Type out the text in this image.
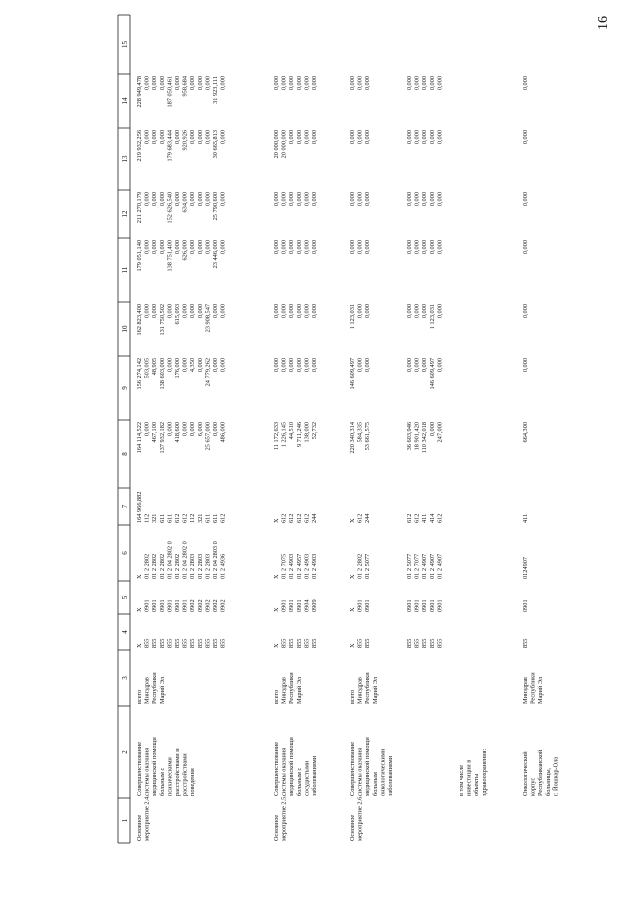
16
1
2
3
4
5
6
7
8
9
10
11
12
13
14
15
Основное мероприятие 2.4.
Совершенствование системы оказания медицинской помощи больным с психическими расстройствами и расстройствами поведения
всего Минздрав Республики Марий Эл
X
X
X
164 966,882
164 114,522
156 274,142
162 823,400
179 051,140
211 270,179
219 932,256
228 949,478
855
0901
01 2 2802
112
0,000
503,005
0,000
0,000
0,000
0,000
0,000
855
0901
01 2 2802
321
467,100
48,905
0,000
0,000
0,000
0,000
0,000
855
0901
01 2 2802
611
137 932,182
138 603,000
131 750,502
0,000
0,000
0,000
0,000
855
0901
01 2 04 2802 0
611
0,000
0,000
0,000
138 751,400
152 626,540
179 683,444
187 050,461
855
0901
01 2 2802
612
418,600
176,000
615,093
0,000
0,000
0,000
0,000
855
0901
01 2 04 2802 0
612
0,000
0,000
0,000
626,000
634,000
920,926
958,684
855
0902
01 2 2803
112
0,000
4,350
0,000
0,000
0,000
0,000
0,000
855
0902
01 2 2803
321
6,000
0,000
0,000
0,000
0,000
0,000
0,000
855
0902
01 2 2803
611
25 657,000
24 779,262
23 908,547
0,000
0,000
0,000
0,000
855
0902
01 2 04 2803 0
611
0,000
0,000
0,000
23 446,000
25 790,600
30 665,813
31 923,111
855
0902
01 2 4936
612
486,000
0,000
0,000
0,000
0,000
0,000
0,000
Основное мероприятие 2.5.
Совершенствование системы оказания медицинской помощи больным с сосудистыми заболеваниями
всего Минздрав Республики Марий Эл
X
X
X
X
11 172,633
0,000
0,000
0,000
0,000
20 000,000
0,000
855
0901
01 2 7075
612
1 226,145
0,000
0,000
0,000
0,000
20 000,000
0,000
855
0901
01 2 4903
612
44,510
0,000
0,000
0,000
0,000
0,000
0,000
855
0901
01 2 4957
612
9 711,246
0,000
0,000
0,000
0,000
0,000
0,000
855
0904
01 2 4903
612
138,000
0,000
0,000
0,000
0,000
0,000
0,000
855
0909
01 2 4903
244
52,732
0,000
0,000
0,000
0,000
0,000
0,000
Основное мероприятие 2.6.
Совершенствование системы оказания медицинской помощи больным онкологическими заболеваниями
всего Минздрав Республики Марий Эл
X
X
X
X
220 340,314
146 609,497
1 123,031
0,000
0,000
0,000
0,000
855
0901
01 2 2802
612
584,335
0,000
0,000
0,000
0,000
0,000
0,000
855
0901
01 2 5077
244
53 661,575
0,000
0,000
0,000
0,000
0,000
0,000
855
0901
01 2 5077
612
36 603,946
0,000
0,000
0,000
0,000
0,000
0,000
855
0901
01 2 7077
612
18 901,420
0,000
0,000
0,000
0,000
0,000
0,000
855
0901
01 2 4907
411
110 342,018
0,000
0,000
0,000
0,000
0,000
0,000
855
0901
01 2 4907
414
0,000
146 609,497
1 123,031
0,000
0,000
0,000
0,000
855
0901
01 2 4907
612
247,000
0,000
0,000
0,000
0,000
0,000
0,000
в том числе инвестиции в объекты здравоохранения:	Онкологический корпус Республиканской больницы, г. Йошкар-Ола
Минздрав Республики Марий Эл
855
0901
0124907
411
664,300
0,000
0,000
0,000
0,000
0,000
0,000
